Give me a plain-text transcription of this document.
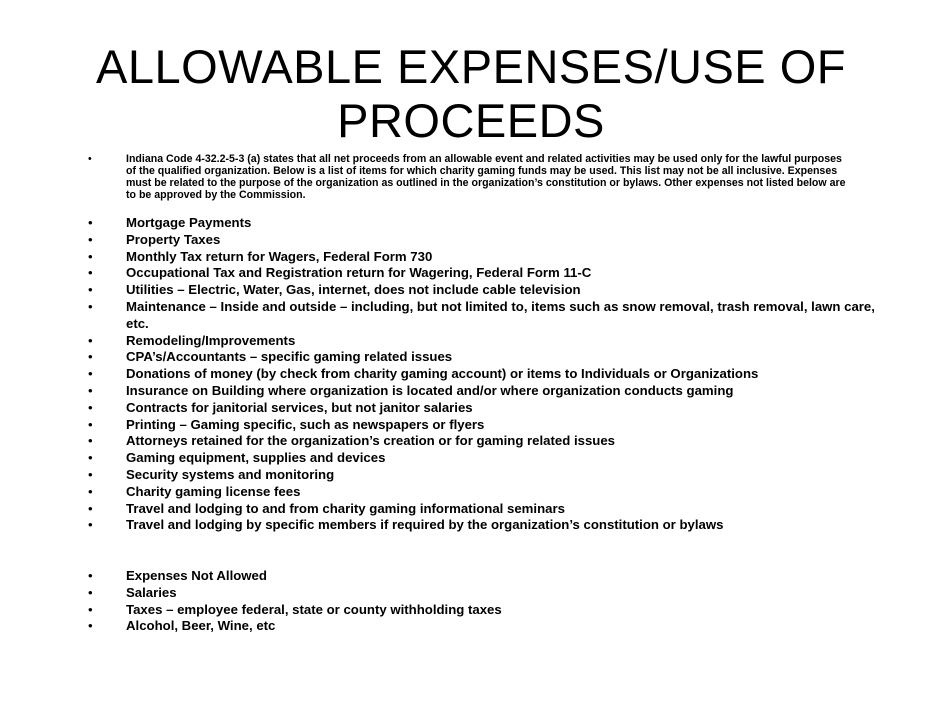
ALLOWABLE EXPENSES/USE OF PROCEEDS
•	Indiana Code 4-32.2-5-3 (a) states that all net proceeds from an allowable event and related activities may be used only for the lawful purposes of the qualified organization. Below is a list of items for which charity gaming funds may be used. This list may not be all inclusive. Expenses must be related to the purpose of the organization as outlined in the organization’s constitution or bylaws. Other expenses not listed below are to be approved by the Commission.
•	Mortgage Payments
•	Property Taxes
•	Monthly Tax return for Wagers, Federal Form 730
•	Occupational Tax and Registration return for Wagering, Federal Form 11-C
•	Utilities – Electric, Water, Gas, internet, does not include cable television
•	Maintenance – Inside and outside – including, but not limited to, items such as snow removal, trash removal, lawn care, etc.
•	Remodeling/Improvements
•	CPA’s/Accountants – specific gaming related issues
•	Donations of money (by check from charity gaming account) or items to Individuals or Organizations
•	Insurance on Building where organization is located and/or where organization conducts gaming
•	Contracts for janitorial services, but not janitor salaries
•	Printing – Gaming specific, such as newspapers or flyers
•	Attorneys retained for the organization’s creation or for gaming related issues
•	Gaming equipment, supplies and devices
•	Security systems and monitoring
•	Charity gaming license fees
•	Travel and lodging to and from charity gaming informational seminars
•	Travel and lodging by specific members if required by the organization’s constitution or bylaws
•	Expenses Not Allowed
•	Salaries
•	Taxes – employee federal, state or county withholding taxes
•	Alcohol, Beer, Wine, etc
